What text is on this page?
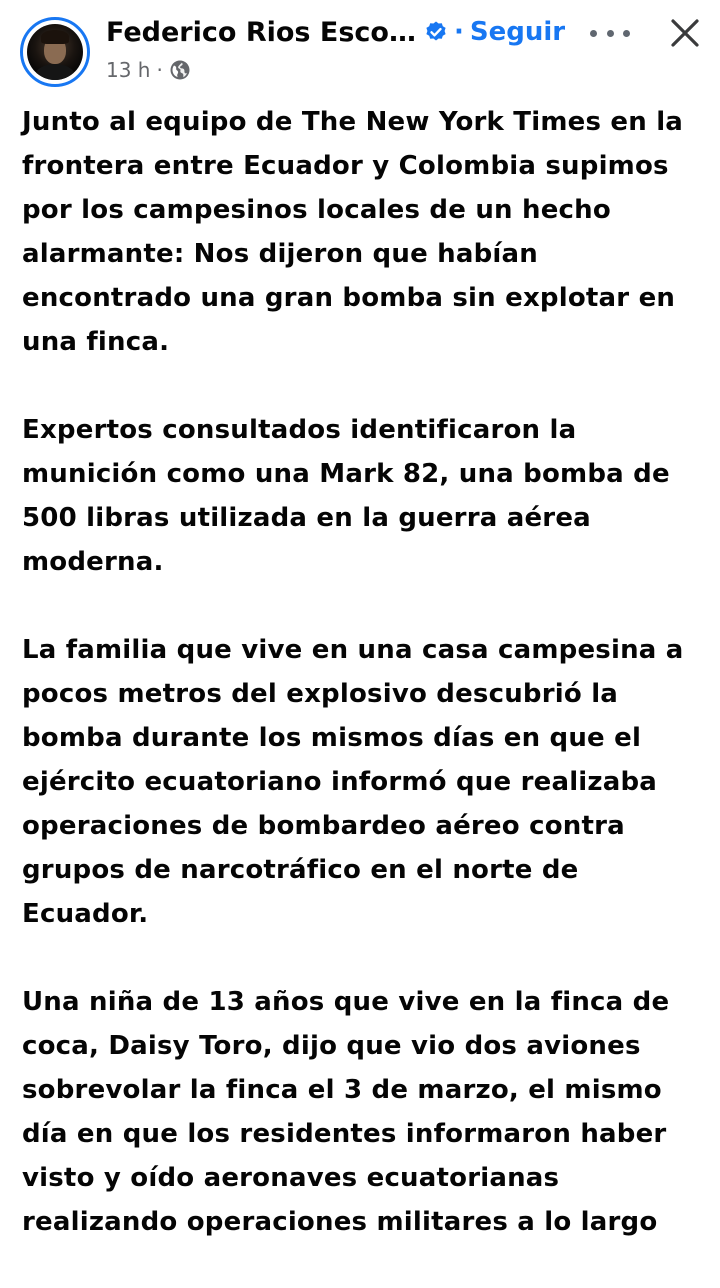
Federico Rios Esco… · Seguir
13 h ·

Junto al equipo de The New York Times en la frontera entre Ecuador y Colombia supimos por los campesinos locales de un hecho alarmante: Nos dijeron que habían encontrado una gran bomba sin explotar en una finca.

Expertos consultados identificaron la munición como una Mark 82, una bomba de 500 libras utilizada en la guerra aérea moderna.

La familia que vive en una casa campesina a pocos metros del explosivo descubrió la bomba durante los mismos días en que el ejército ecuatoriano informó que realizaba operaciones de bombardeo aéreo contra grupos de narcotráfico en el norte de Ecuador.

Una niña de 13 años que vive en la finca de coca, Daisy Toro, dijo que vio dos aviones sobrevolar la finca el 3 de marzo, el mismo día en que los residentes informaron haber visto y oído aeronaves ecuatorianas realizando operaciones militares a lo largo
